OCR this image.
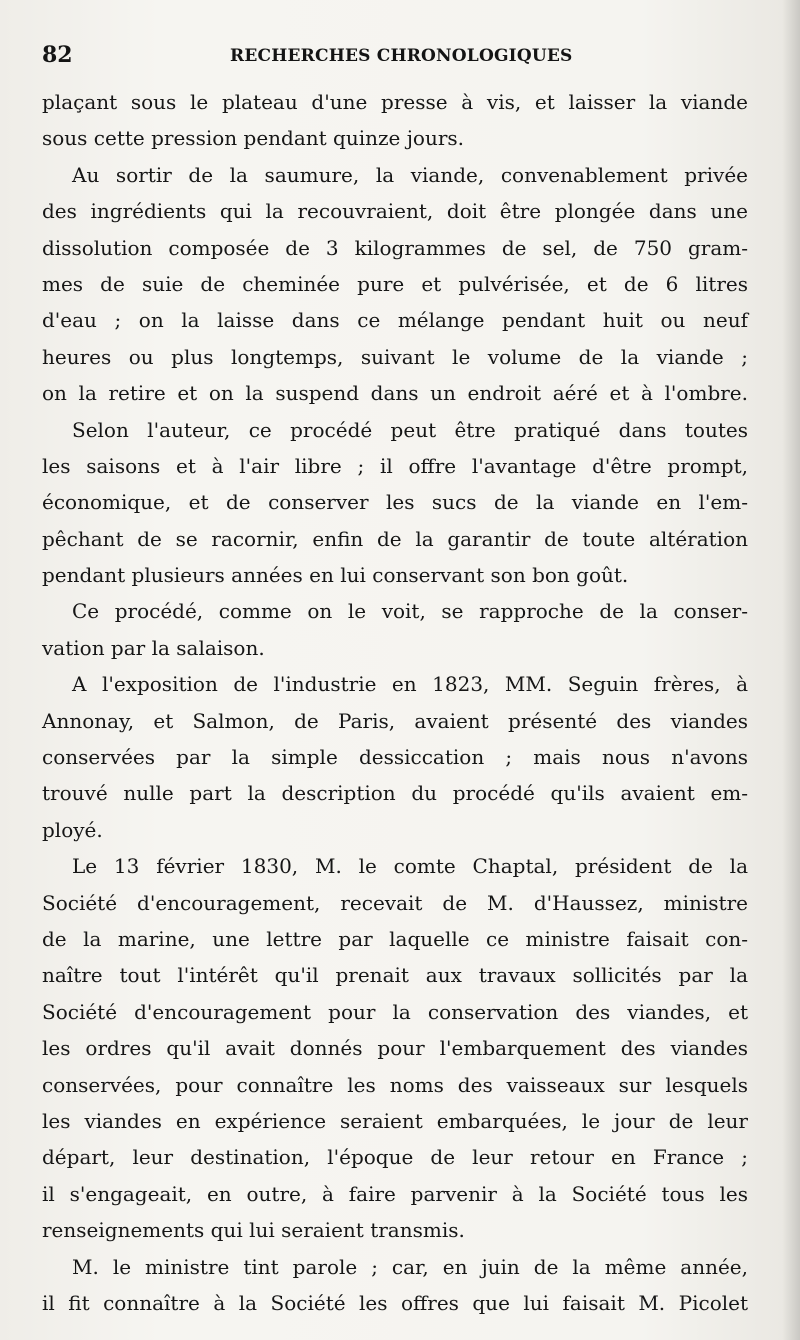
82	RECHERCHES CHRONOLOGIQUES
plaçant sous le plateau d'une presse à vis, et laisser la viande
sous cette pression pendant quinze jours.
Au sortir de la saumure, la viande, convenablement privée
des ingrédients qui la recouvraient, doit être plongée dans une
dissolution composée de 3 kilogrammes de sel, de 750 gram-
mes de suie de cheminée pure et pulvérisée, et de 6 litres
d'eau ; on la laisse dans ce mélange pendant huit ou neuf
heures ou plus longtemps, suivant le volume de la viande ;
on la retire et on la suspend dans un endroit aéré et à l'ombre.
Selon l'auteur, ce procédé peut être pratiqué dans toutes
les saisons et à l'air libre ; il offre l'avantage d'être prompt,
économique, et de conserver les sucs de la viande en l'em-
pêchant de se racornir, enfin de la garantir de toute altération
pendant plusieurs années en lui conservant son bon goût.
Ce procédé, comme on le voit, se rapproche de la conser-
vation par la salaison.
A l'exposition de l'industrie en 1823, MM. Seguin frères, à
Annonay, et Salmon, de Paris, avaient présenté des viandes
conservées par la simple dessiccation ; mais nous n'avons
trouvé nulle part la description du procédé qu'ils avaient em-
ployé.
Le 13 février 1830, M. le comte Chaptal, président de la
Société d'encouragement, recevait de M. d'Haussez, ministre
de la marine, une lettre par laquelle ce ministre faisait con-
naître tout l'intérêt qu'il prenait aux travaux sollicités par la
Société d'encouragement pour la conservation des viandes, et
les ordres qu'il avait donnés pour l'embarquement des viandes
conservées, pour connaître les noms des vaisseaux sur lesquels
les viandes en expérience seraient embarquées, le jour de leur
départ, leur destination, l'époque de leur retour en France ;
il s'engageait, en outre, à faire parvenir à la Société tous les
renseignements qui lui seraient transmis.
M. le ministre tint parole ; car, en juin de la même année,
il fit connaître à la Société les offres que lui faisait M. Picolet
